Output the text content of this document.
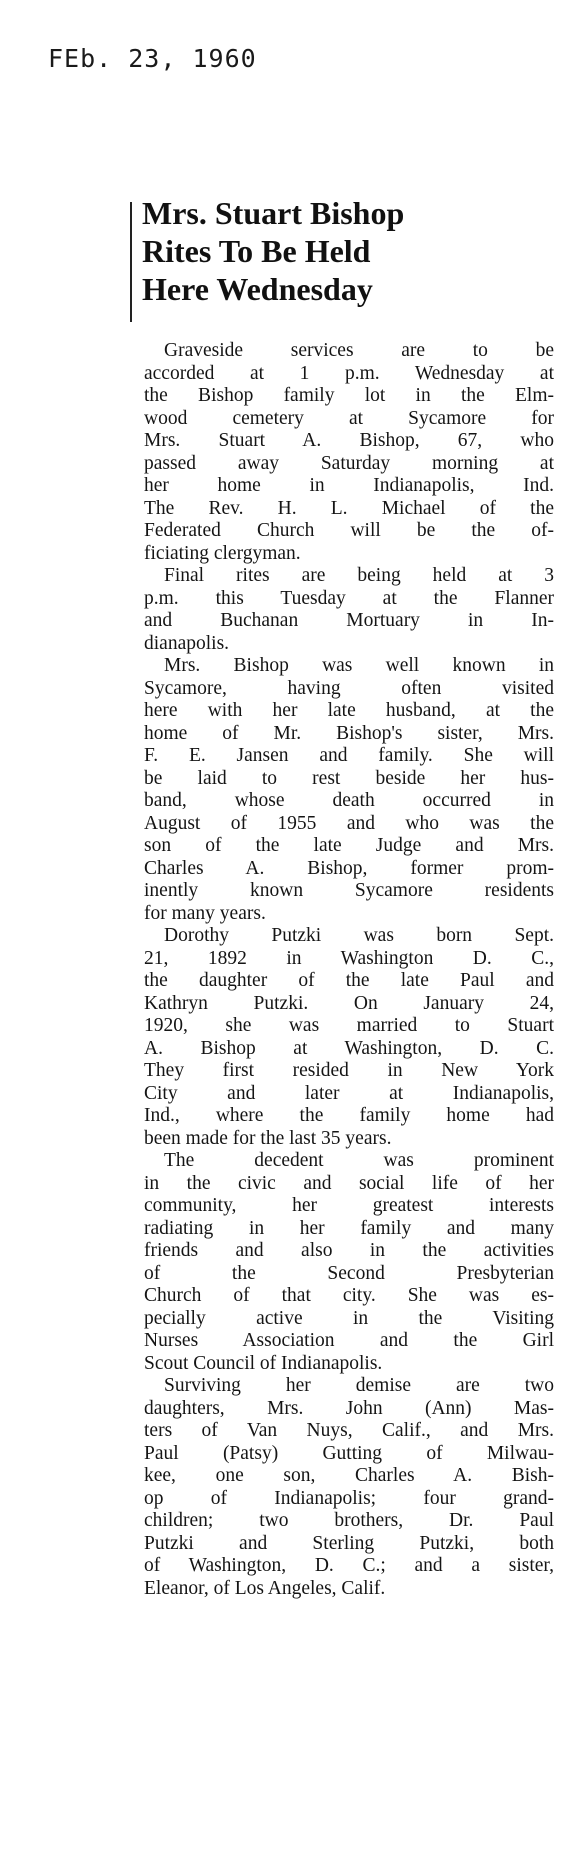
FEb. 23, 1960
Mrs. Stuart Bishop
Rites To Be Held
Here Wednesday
Graveside services are to be
accorded at 1 p.m. Wednesday at
the Bishop family lot in the Elm-
wood cemetery at Sycamore for
Mrs. Stuart A. Bishop, 67, who
passed away Saturday morning at
her home in Indianapolis, Ind.
The Rev. H. L. Michael of the
Federated Church will be the of-
ficiating clergyman.
Final rites are being held at 3
p.m. this Tuesday at the Flanner
and Buchanan Mortuary in In-
dianapolis.
Mrs. Bishop was well known in
Sycamore, having often visited
here with her late husband, at the
home of Mr. Bishop's sister, Mrs.
F. E. Jansen and family. She will
be laid to rest beside her hus-
band, whose death occurred in
August of 1955 and who was the
son of the late Judge and Mrs.
Charles A. Bishop, former prom-
inently known Sycamore residents
for many years.
Dorothy Putzki was born Sept.
21, 1892 in Washington D. C.,
the daughter of the late Paul and
Kathryn Putzki. On January 24,
1920, she was married to Stuart
A. Bishop at Washington, D. C.
They first resided in New York
City and later at Indianapolis,
Ind., where the family home had
been made for the last 35 years.
The decedent was prominent
in the civic and social life of her
community, her greatest interests
radiating in her family and many
friends and also in the activities
of the Second Presbyterian
Church of that city. She was es-
pecially active in the Visiting
Nurses Association and the Girl
Scout Council of Indianapolis.
Surviving her demise are two
daughters, Mrs. John (Ann) Mas-
ters of Van Nuys, Calif., and Mrs.
Paul (Patsy) Gutting of Milwau-
kee, one son, Charles A. Bish-
op of Indianapolis; four grand-
children; two brothers, Dr. Paul
Putzki and Sterling Putzki, both
of Washington, D. C.; and a sister,
Eleanor, of Los Angeles, Calif.
